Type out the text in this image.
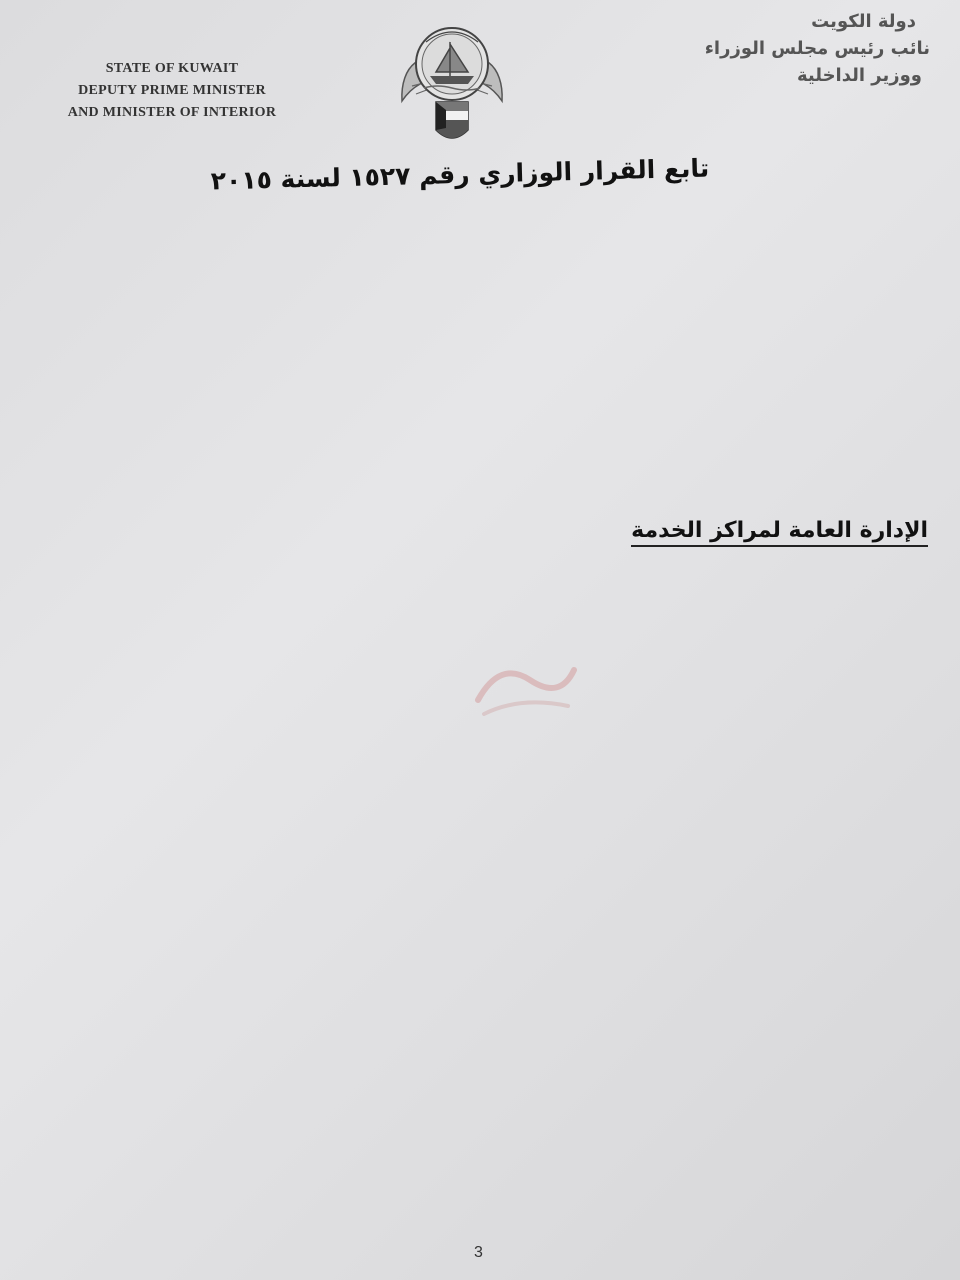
STATE OF KUWAIT
DEPUTY PRIME MINISTER
AND MINISTER OF INTERIOR
دولة الكويت
نائب رئيس مجلس الوزراء
ووزير الداخلية
تابع القرار الوزاري رقم ١٥٢٧ لسنة ٢٠١٥
الإدارة العامة لمراكز الخدمة
3
